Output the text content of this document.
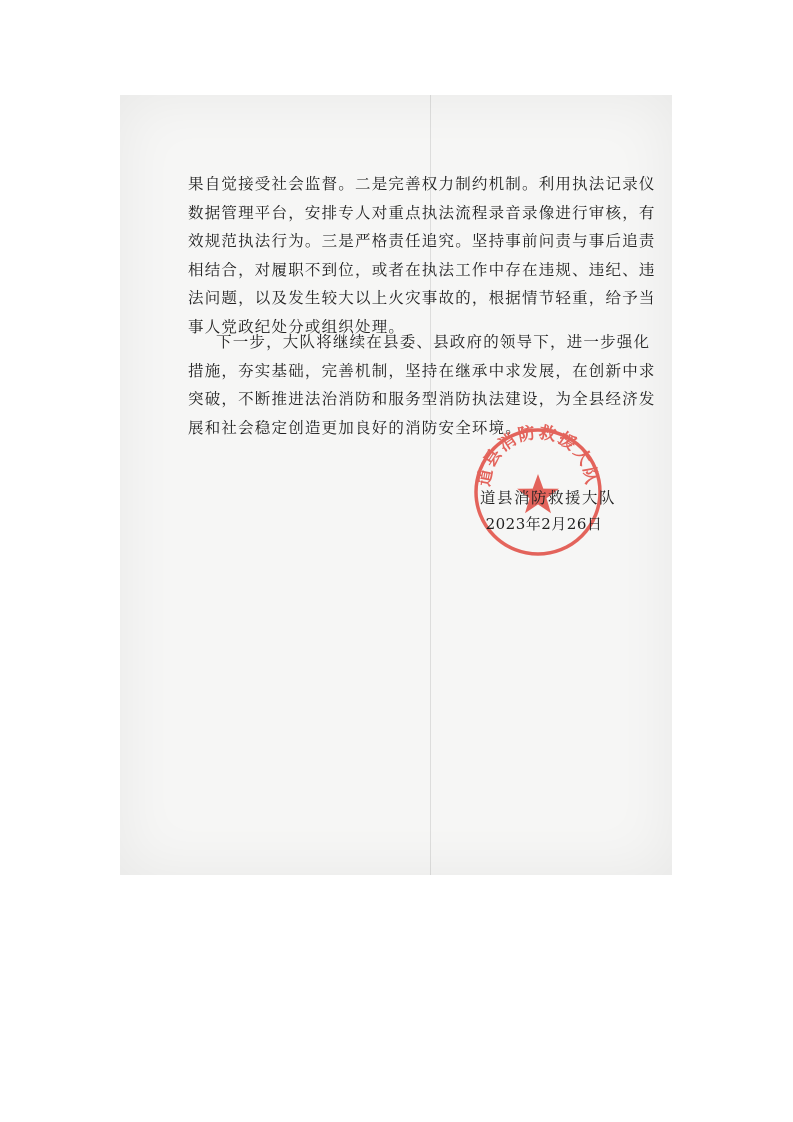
果自觉接受社会监督。二是完善权力制约机制。利用执法记录仪
数据管理平台，安排专人对重点执法流程录音录像进行审核，有
效规范执法行为。三是严格责任追究。坚持事前问责与事后追责
相结合，对履职不到位，或者在执法工作中存在违规、违纪、违
法问题，以及发生较大以上火灾事故的，根据情节轻重，给予当
事人党政纪处分或组织处理。
下一步，大队将继续在县委、县政府的领导下，进一步强化
措施，夯实基础，完善机制，坚持在继承中求发展，在创新中求
突破，不断推进法治消防和服务型消防执法建设，为全县经济发
展和社会稳定创造更加良好的消防安全环境。
道县消防救援大队
道县消防救援大队
2023年2月26日
